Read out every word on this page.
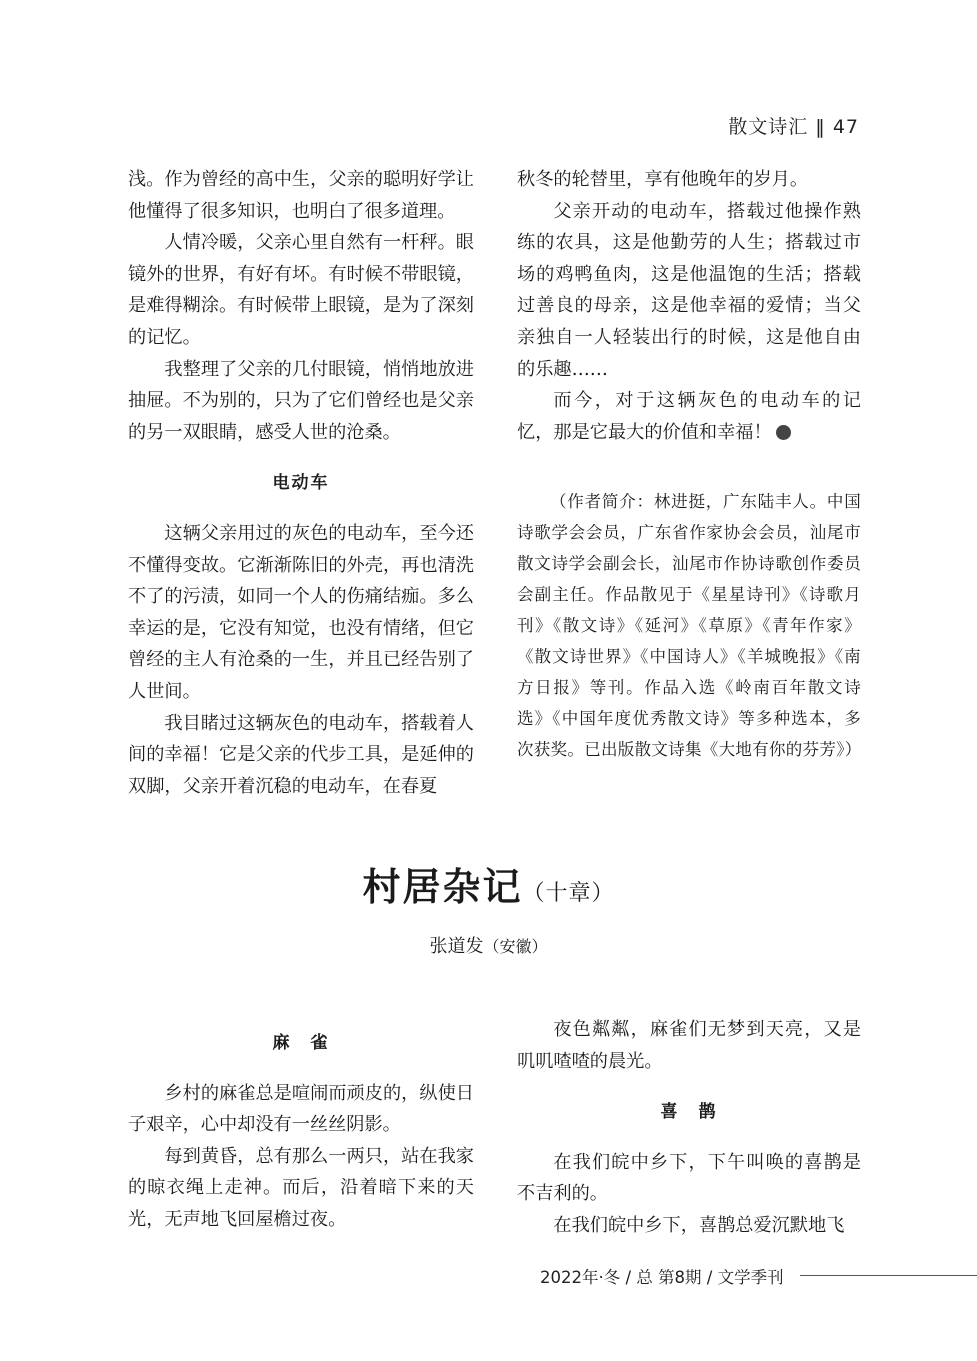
散文诗汇 ‖ 47

浅。作为曾经的高中生，父亲的聪明好学让他懂得了很多知识，也明白了很多道理。

人情冷暖，父亲心里自然有一杆秤。眼镜外的世界，有好有坏。有时候不带眼镜，是难得糊涂。有时候带上眼镜，是为了深刻的记忆。

我整理了父亲的几付眼镜，悄悄地放进抽屉。不为别的，只为了它们曾经也是父亲的另一双眼睛，感受人世的沧桑。

电动车

这辆父亲用过的灰色的电动车，至今还不懂得变故。它渐渐陈旧的外壳，再也清洗不了的污渍，如同一个人的伤痛结痂。多么幸运的是，它没有知觉，也没有情绪，但它曾经的主人有沧桑的一生，并且已经告别了人世间。

我目睹过这辆灰色的电动车，搭载着人间的幸福！它是父亲的代步工具，是延伸的双脚，父亲开着沉稳的电动车，在春夏

秋冬的轮替里，享有他晚年的岁月。

父亲开动的电动车，搭载过他操作熟练的农具，这是他勤劳的人生；搭载过市场的鸡鸭鱼肉，这是他温饱的生活；搭载过善良的母亲，这是他幸福的爱情；当父亲独自一人轻装出行的时候，这是他自由的乐趣……

而今，对于这辆灰色的电动车的记忆，那是它最大的价值和幸福！	扌

（作者简介：林进挺，广东陆丰人。中国诗歌学会会员，广东省作家协会会员，汕尾市散文诗学会副会长，汕尾市作协诗歌创作委员会副主任。作品散见于《星星诗刊》《诗歌月刊》《散文诗》《延河》《草原》《青年作家》《散文诗世界》《中国诗人》《羊城晚报》《南方日报》等刊。作品入选《岭南百年散文诗选》《中国年度优秀散文诗》等多种选本，多次获奖。已出版散文诗集《大地有你的芬芳》）

村居杂记（十章）
张道发（安徽）
麻　雀

乡村的麻雀总是喧闹而顽皮的，纵使日子艰辛，心中却没有一丝丝阴影。

每到黄昏，总有那么一两只，站在我家的晾衣绳上走神。而后，沿着暗下来的天光，无声地飞回屋檐过夜。

夜色粼粼，麻雀们无梦到天亮，又是叽叽喳喳的晨光。

喜　鹊

在我们皖中乡下，下午叫唤的喜鹊是不吉利的。

在我们皖中乡下，喜鹊总爱沉默地飞

2022年·冬 / 总 第8期 / 文学季刊
